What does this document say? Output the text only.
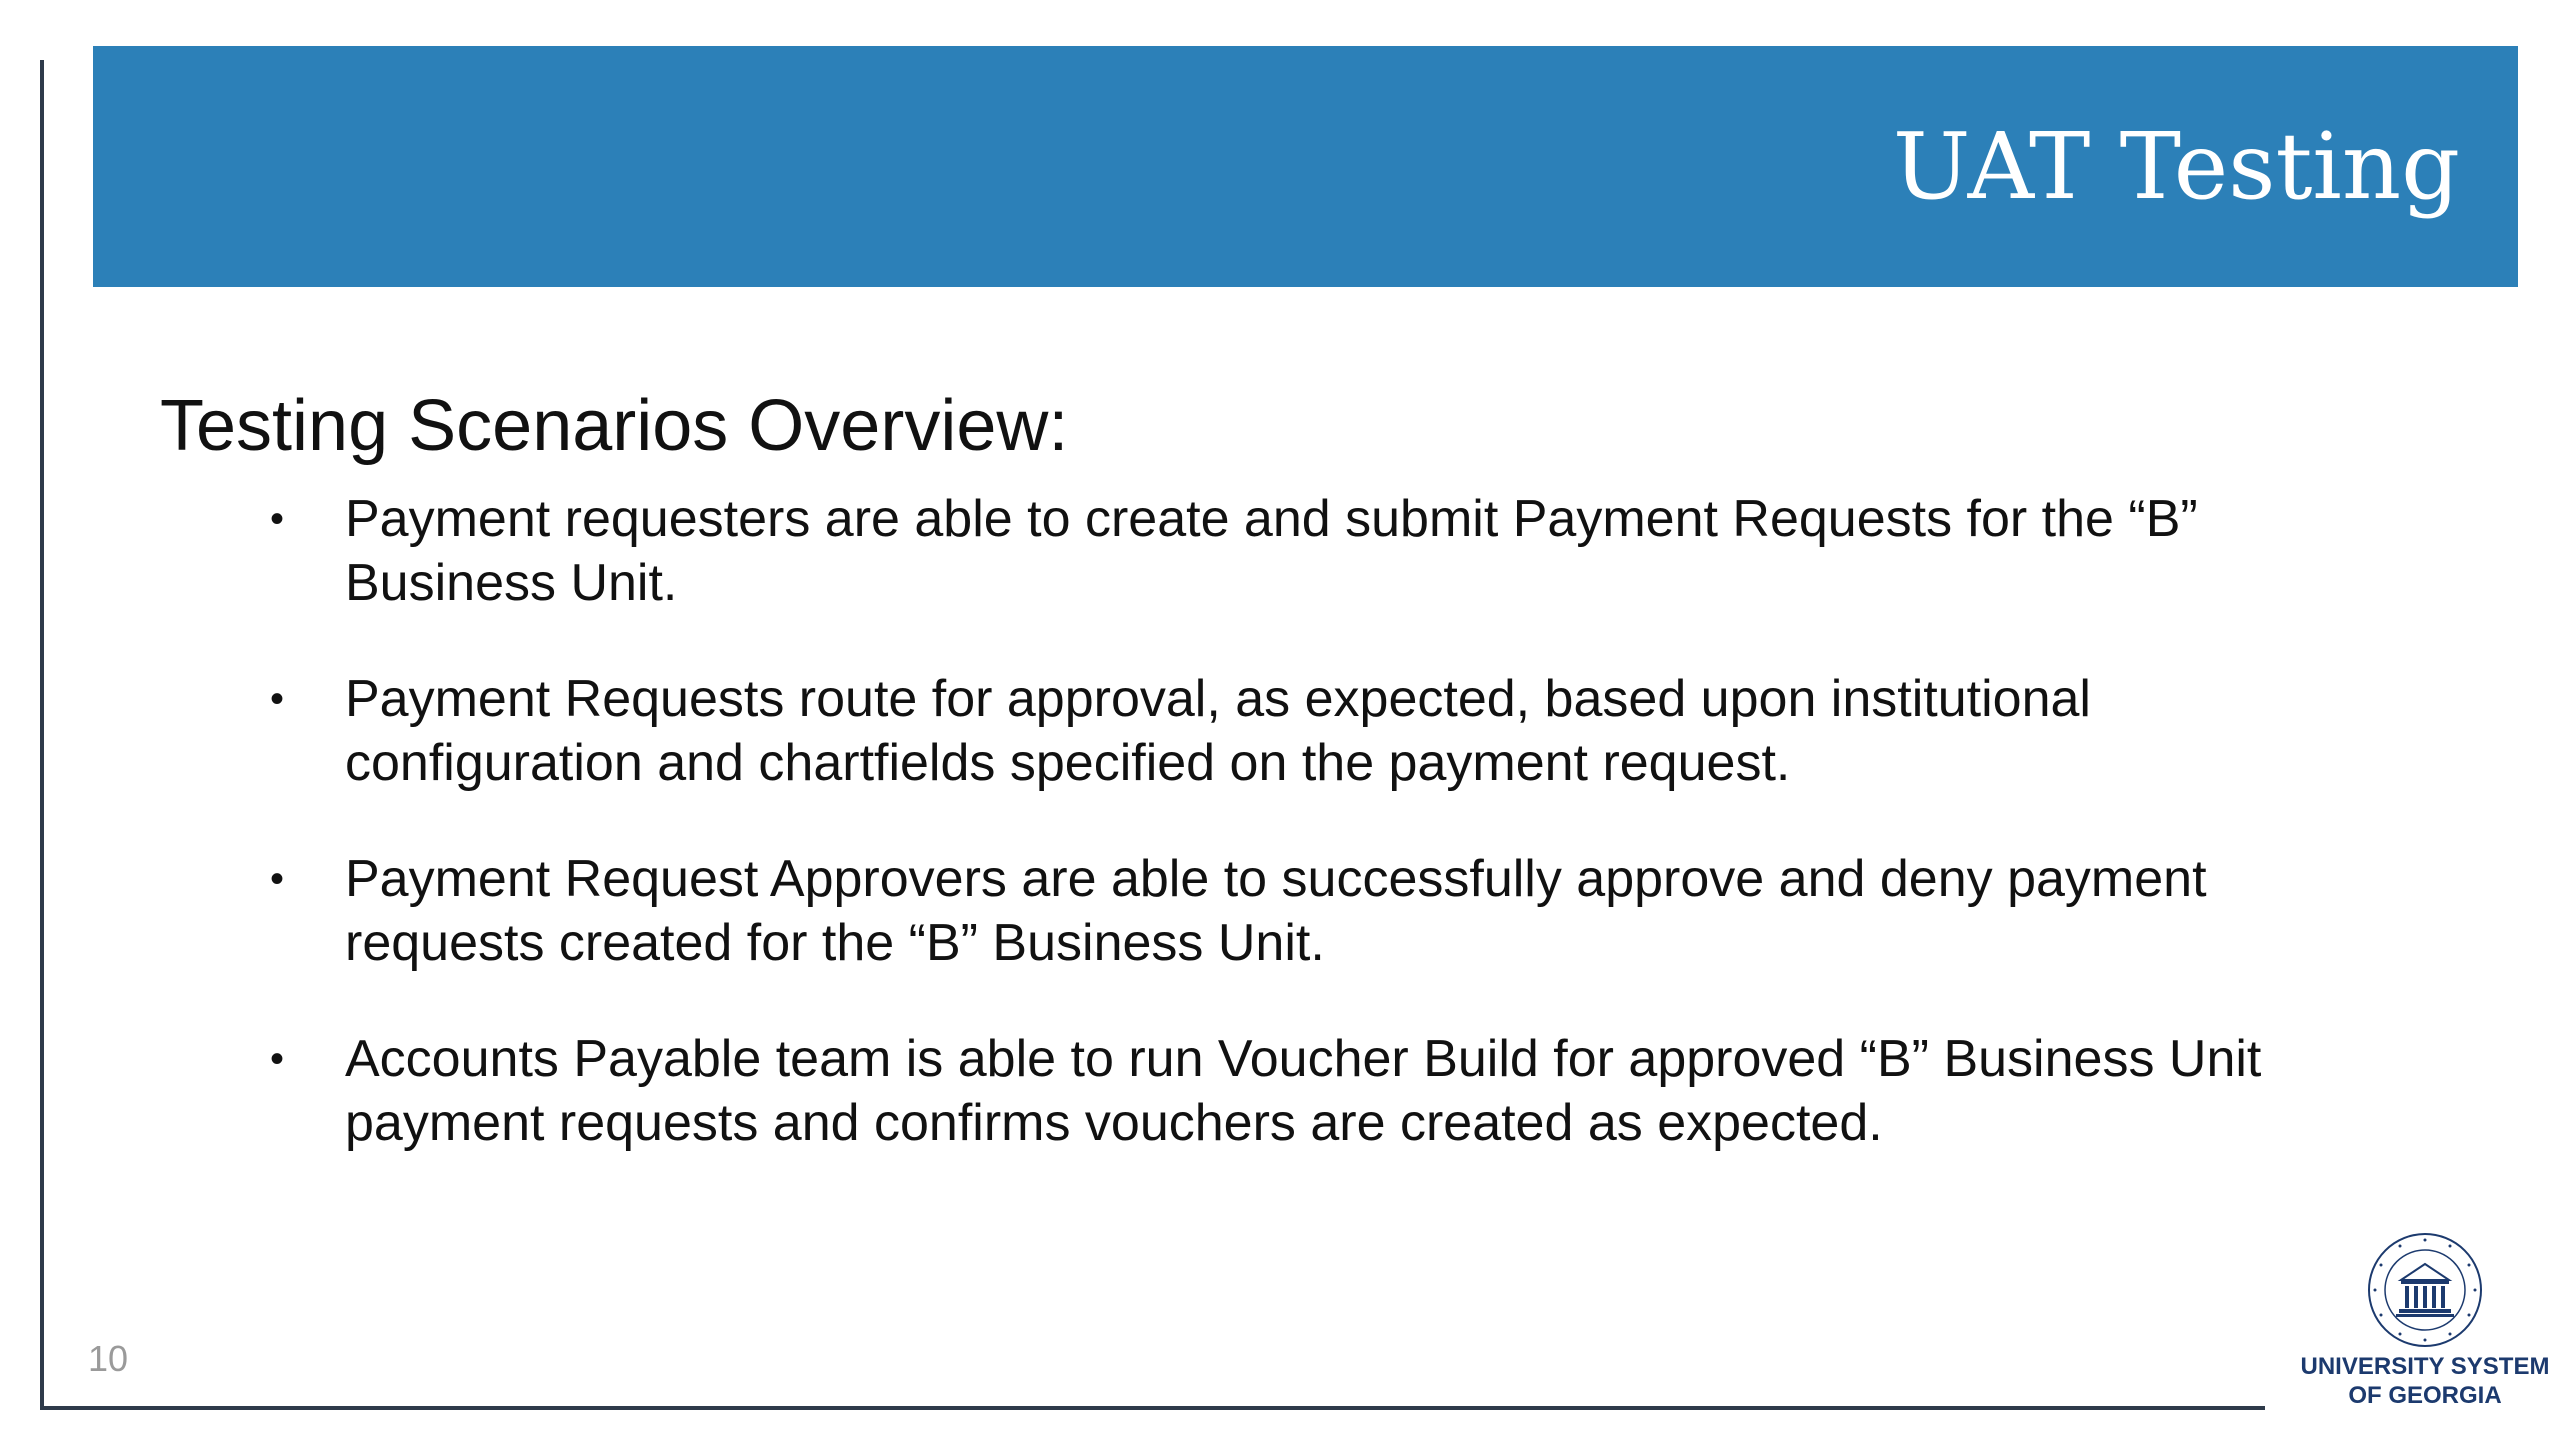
UAT Testing
Testing Scenarios Overview:
• Payment requesters are able to create and submit Payment Requests for the “B” Business Unit.
• Payment Requests route for approval, as expected, based upon institutional configuration and chartfields specified on the payment request.
• Payment Request Approvers are able to successfully approve and deny payment requests created for the “B” Business Unit.
• Accounts Payable team is able to run Voucher Build for approved “B” Business Unit payment requests and confirms vouchers are created as expected.
10	UNIVERSITY SYSTEM
OF GEORGIA
